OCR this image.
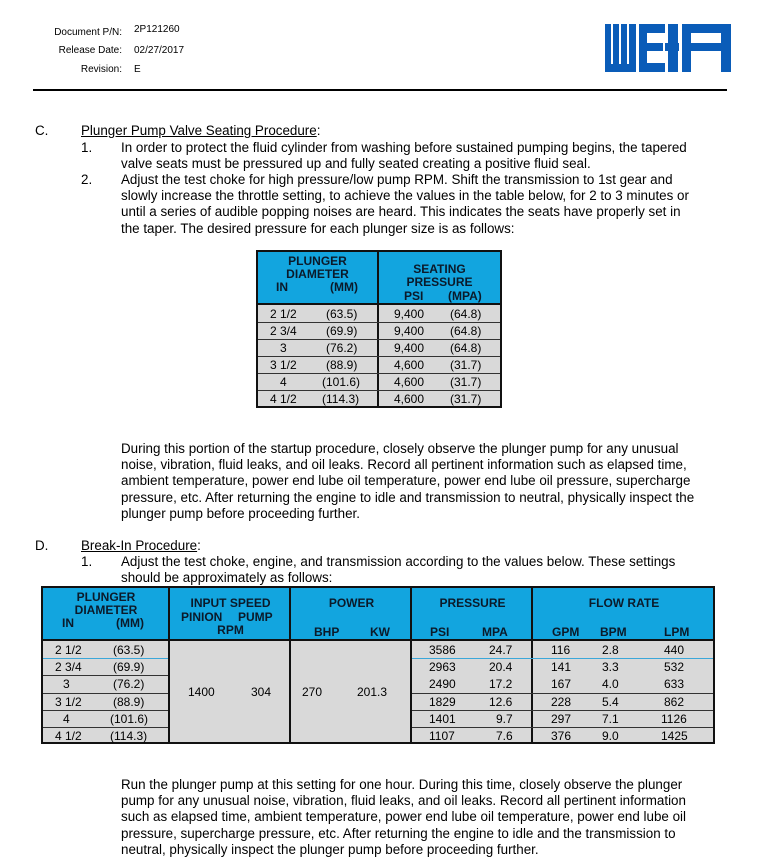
Document P/N: 2P121260
Release Date: 02/27/2017
Revision: E
C. Plunger Pump Valve Seating Procedure:
1. In order to protect the fluid cylinder from washing before sustained pumping begins, the tapered
valve seats must be pressured up and fully seated creating a positive fluid seal.
2. Adjust the test choke for high pressure/low pump RPM. Shift the transmission to 1st gear and
slowly increase the throttle setting, to achieve the values in the table below, for 2 to 3 minutes or
until a series of audible popping noises are heard. This indicates the seats have properly set in
the taper. The desired pressure for each plunger size is as follows:
PLUNGER
DIAMETER
IN	(MM)
SEATING
PRESSURE
PSI (MPA)
2 1/2 (63.5)	9,400 (64.8)
2 3/4 (69.9)	9,400 (64.8)
3	(76.2)	9,400 (64.8)
3 1/2 (88.9)	4,600 (31.7)
4	(101.6)	4,600 (31.7)
4 1/2 (114.3)	4,600 (31.7)
During this portion of the startup procedure, closely observe the plunger pump for any unusual
noise, vibration, fluid leaks, and oil leaks. Record all pertinent information such as elapsed time,
ambient temperature, power end lube oil temperature, power end lube oil pressure, supercharge
pressure, etc. After returning the engine to idle and transmission to neutral, physically inspect the
plunger pump before proceeding further.
D. Break-In Procedure:
1. Adjust the test choke, engine, and transmission according to the values below. These settings
should be approximately as follows:
PLUNGER
DIAMETER
IN	(MM)
INPUT SPEED
PINION PUMP
RPM
POWER
BHP	KW
PRESSURE
PSI	MPA
FLOW RATE
GPM BPM	LPM
1400	304	270	201.3
2 1/2	(63.5)	3586	24.7	116	2.8	440
2 3/4	(69.9)	2963	20.4	141	3.3	532
3	(76.2)	2490	17.2	167	4.0	633
3 1/2	(88.9)	1829	12.6	228	5.4	862
4	(101.6)	1401	9.7	297	7.1	1126
4 1/2 (114.3)	1107	7.6	376	9.0	1425
Run the plunger pump at this setting for one hour. During this time, closely observe the plunger
pump for any unusual noise, vibration, fluid leaks, and oil leaks. Record all pertinent information
such as elapsed time, ambient temperature, power end lube oil temperature, power end lube oil
pressure, supercharge pressure, etc. After returning the engine to idle and the transmission to
neutral, physically inspect the plunger pump before proceeding further.
